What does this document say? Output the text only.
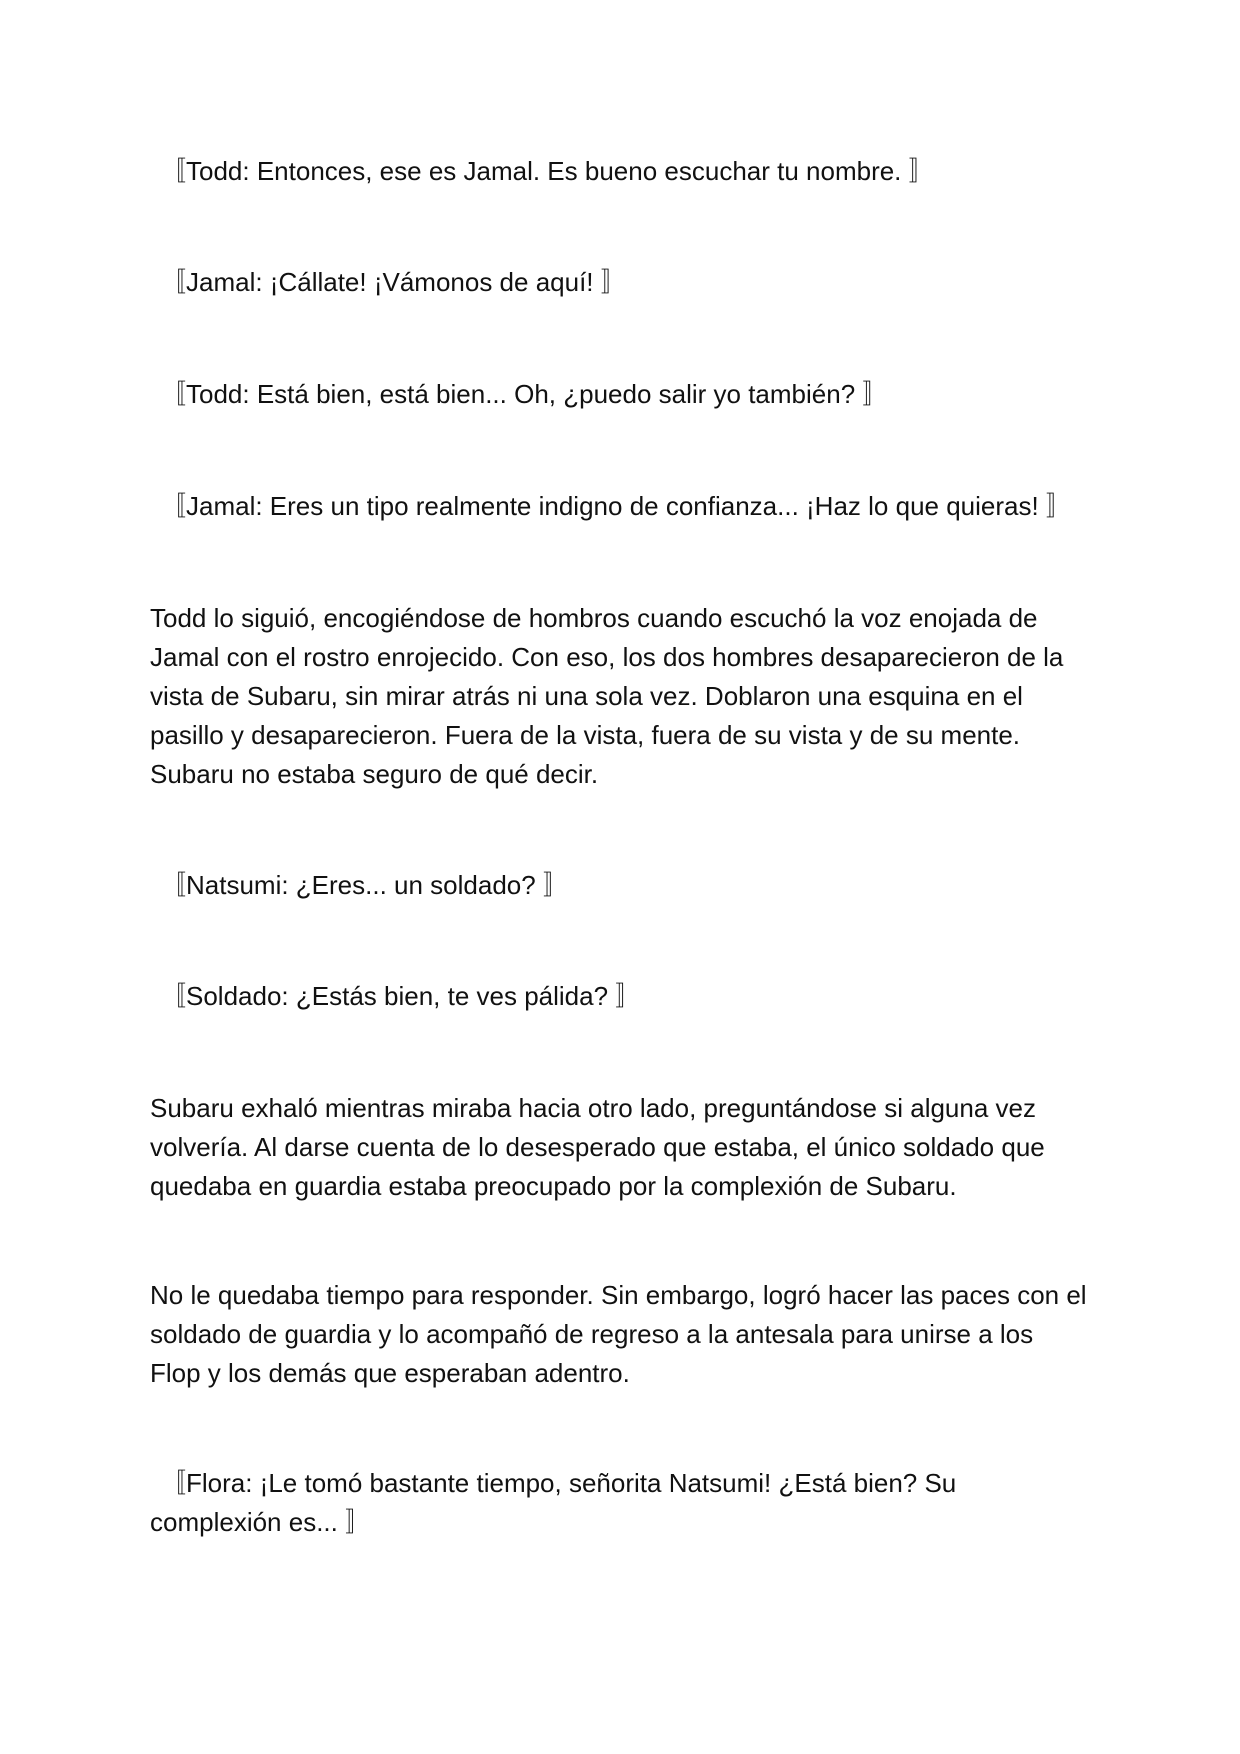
〚Todd: Entonces, ese es Jamal. Es bueno escuchar tu nombre. 〛

〚Jamal: ¡Cállate! ¡Vámonos de aquí! 〛

〚Todd: Está bien, está bien... Oh, ¿puedo salir yo también? 〛

〚Jamal: Eres un tipo realmente indigno de confianza... ¡Haz lo que quieras! 〛

Todd lo siguió, encogiéndose de hombros cuando escuchó la voz enojada de Jamal con el rostro enrojecido. Con eso, los dos hombres desaparecieron de la vista de Subaru, sin mirar atrás ni una sola vez. Doblaron una esquina en el pasillo y desaparecieron. Fuera de la vista, fuera de su vista y de su mente. Subaru no estaba seguro de qué decir.

〚Natsumi: ¿Eres... un soldado? 〛

〚Soldado: ¿Estás bien, te ves pálida? 〛

Subaru exhaló mientras miraba hacia otro lado, preguntándose si alguna vez volvería. Al darse cuenta de lo desesperado que estaba, el único soldado que quedaba en guardia estaba preocupado por la complexión de Subaru.

No le quedaba tiempo para responder. Sin embargo, logró hacer las paces con el soldado de guardia y lo acompañó de regreso a la antesala para unirse a los Flop y los demás que esperaban adentro.

〚Flora: ¡Le tomó bastante tiempo, señorita Natsumi! ¿Está bien? Su complexión es... 〛
